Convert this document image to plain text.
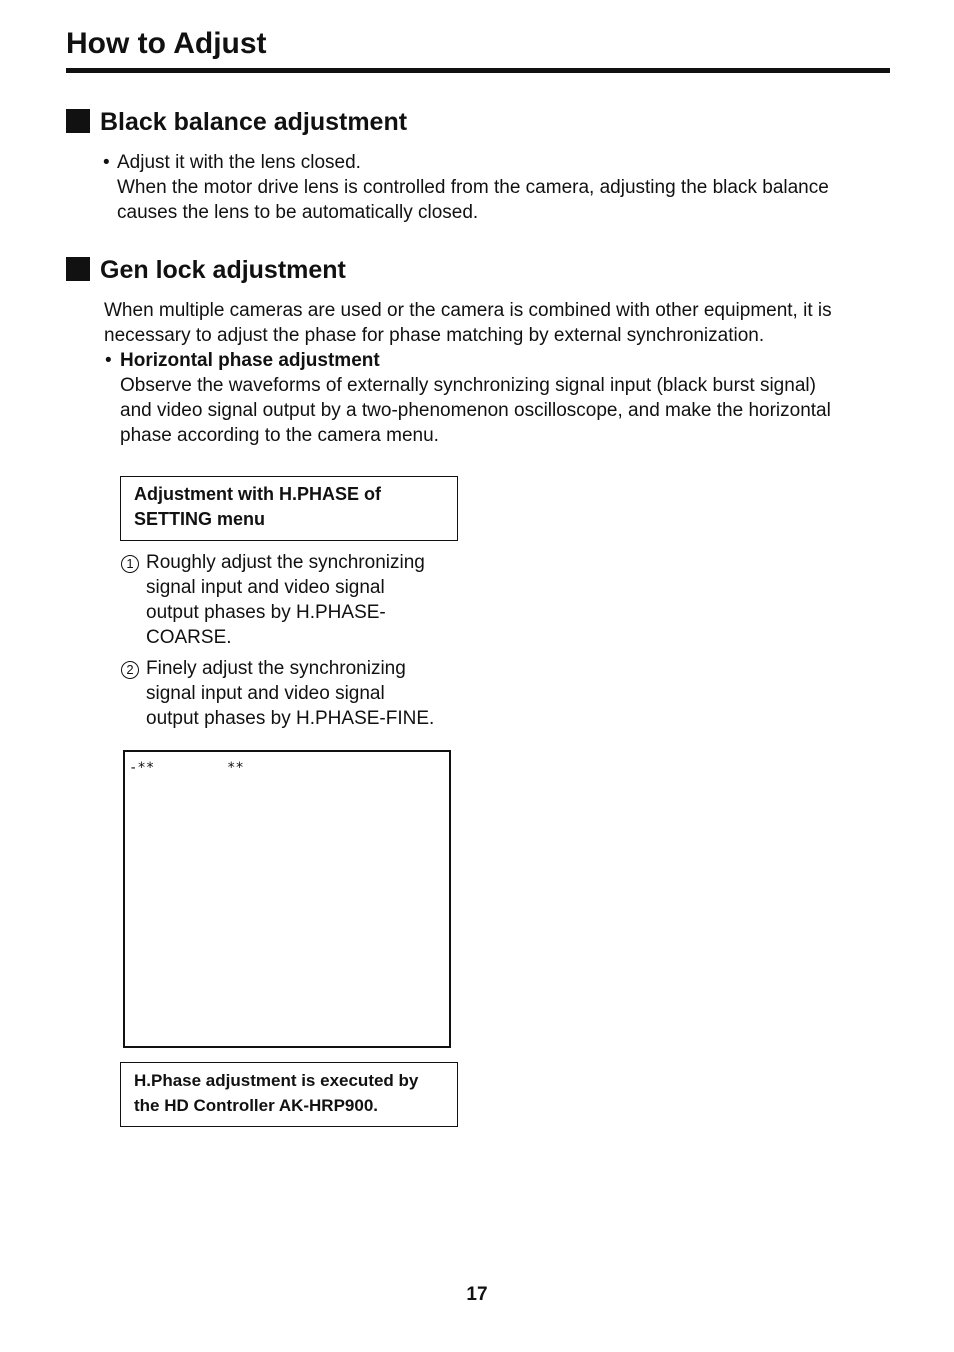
How to Adjust
Black balance adjustment
• Adjust it with the lens closed.
When the motor drive lens is controlled from the camera, adjusting the black balance
causes the lens to be automatically closed.
Gen lock adjustment
When multiple cameras are used or the camera is combined with other equipment, it is
necessary to adjust the phase for phase matching by external synchronization.
• Horizontal phase adjustment
Observe the waveforms of externally synchronizing signal input (black burst signal)
and video signal output by a two-phenomenon oscilloscope, and make the horizontal
phase according to the camera menu.
Adjustment with H.PHASE of
SETTING menu
1 Roughly adjust the synchronizing
signal input and video signal
output phases by H.PHASE-
COARSE.
2 Finely adjust the synchronizing
signal input and video signal
output phases by H.PHASE-FINE.
-**	**
H.Phase adjustment is executed by
the HD Controller AK-HRP900.
17
